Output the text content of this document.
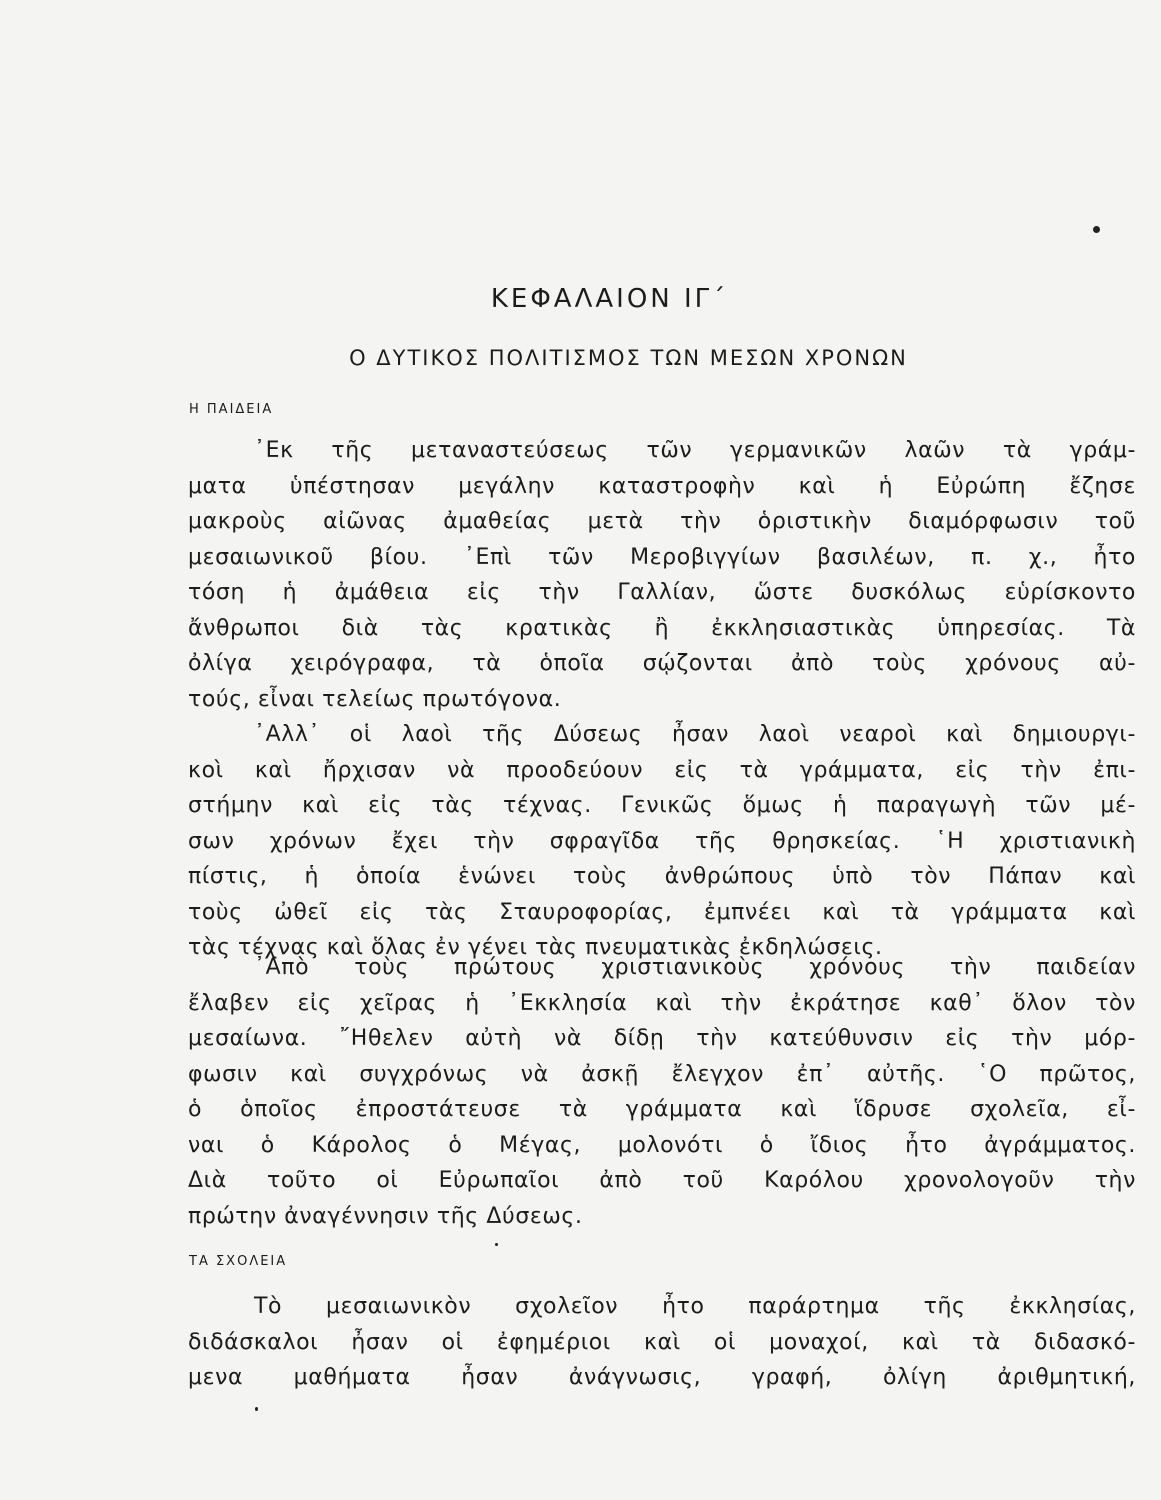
ΚΕΦΑΛΑΙΟΝ ΙΓ΄
Ο ΔΥΤΙΚΟΣ ΠΟΛΙΤΙΣΜΟΣ ΤΩΝ ΜΕΣΩΝ ΧΡΟΝΩΝ
Η ΠΑΙΔΕΙΑ
᾿Εκ τῆς μεταναστεύσεως τῶν γερμανικῶν λαῶν τὰ γράμ-
ματα ὑπέστησαν μεγάλην καταστροφὴν καὶ ἡ Εὐρώπη ἔζησε
μακροὺς αἰῶνας ἀμαθείας μετὰ τὴν ὁριστικὴν διαμόρφωσιν τοῦ
μεσαιωνικοῦ βίου. ᾿Επὶ τῶν Μεροβιγγίων βασιλέων, π. χ., ἦτο
τόση ἡ ἀμάθεια εἰς τὴν Γαλλίαν, ὥστε δυσκόλως εὑρίσκοντο
ἄνθρωποι διὰ τὰς κρατικὰς ἢ ἐκκλησιαστικὰς ὑπηρεσίας. Τὰ
ὀλίγα χειρόγραφα, τὰ ὁποῖα σῴζονται ἀπὸ τοὺς χρόνους αὐ-
τούς, εἶναι τελείως πρωτόγονα.
᾿Αλλ᾿ οἱ λαοὶ τῆς Δύσεως ἦσαν λαοὶ νεαροὶ καὶ δημιουργι-
κοὶ καὶ ἤρχισαν νὰ προοδεύουν εἰς τὰ γράμματα, εἰς τὴν ἐπι-
στήμην καὶ εἰς τὰς τέχνας. Γενικῶς ὅμως ἡ παραγωγὴ τῶν μέ-
σων χρόνων ἔχει τὴν σφραγῖδα τῆς θρησκείας. ῾Η χριστιανικὴ
πίστις, ἡ ὁποία ἑνώνει τοὺς ἀνθρώπους ὑπὸ τὸν Πάπαν καὶ
τοὺς ὠθεῖ εἰς τὰς Σταυροφορίας, ἐμπνέει καὶ τὰ γράμματα καὶ
τὰς τέχνας καὶ ὅλας ἐν γένει τὰς πνευματικὰς ἐκδηλώσεις.
᾿Απὸ τοὺς πρώτους χριστιανικοὺς χρόνους τὴν παιδείαν
ἔλαβεν εἰς χεῖρας ἡ ᾿Εκκλησία καὶ τὴν ἐκράτησε καθ᾿ ὅλον τὸν
μεσαίωνα. ῎Ηθελεν αὐτὴ νὰ δίδῃ τὴν κατεύθυνσιν εἰς τὴν μόρ-
φωσιν καὶ συγχρόνως νὰ ἀσκῇ ἔλεγχον ἐπ᾿ αὐτῆς. ῾Ο πρῶτος,
ὁ ὁποῖος ἐπροστάτευσε τὰ γράμματα καὶ ἵδρυσε σχολεῖα, εἶ-
ναι ὁ Κάρολος ὁ Μέγας, μολονότι ὁ ἴδιος ἦτο ἀγράμματος.
Διὰ τοῦτο οἱ Εὐρωπαῖοι ἀπὸ τοῦ Καρόλου χρονολογοῦν τὴν
πρώτην ἀναγέννησιν τῆς Δύσεως.
ΤΑ ΣΧΟΛΕΙΑ
Τὸ μεσαιωνικὸν σχολεῖον ἦτο παράρτημα τῆς ἐκκλησίας,
διδάσκαλοι ἦσαν οἱ ἐφημέριοι καὶ οἱ μοναχοί, καὶ τὰ διδασκό-
μενα μαθήματα ἦσαν ἀνάγνωσις, γραφή, ὀλίγη ἀριθμητική,
